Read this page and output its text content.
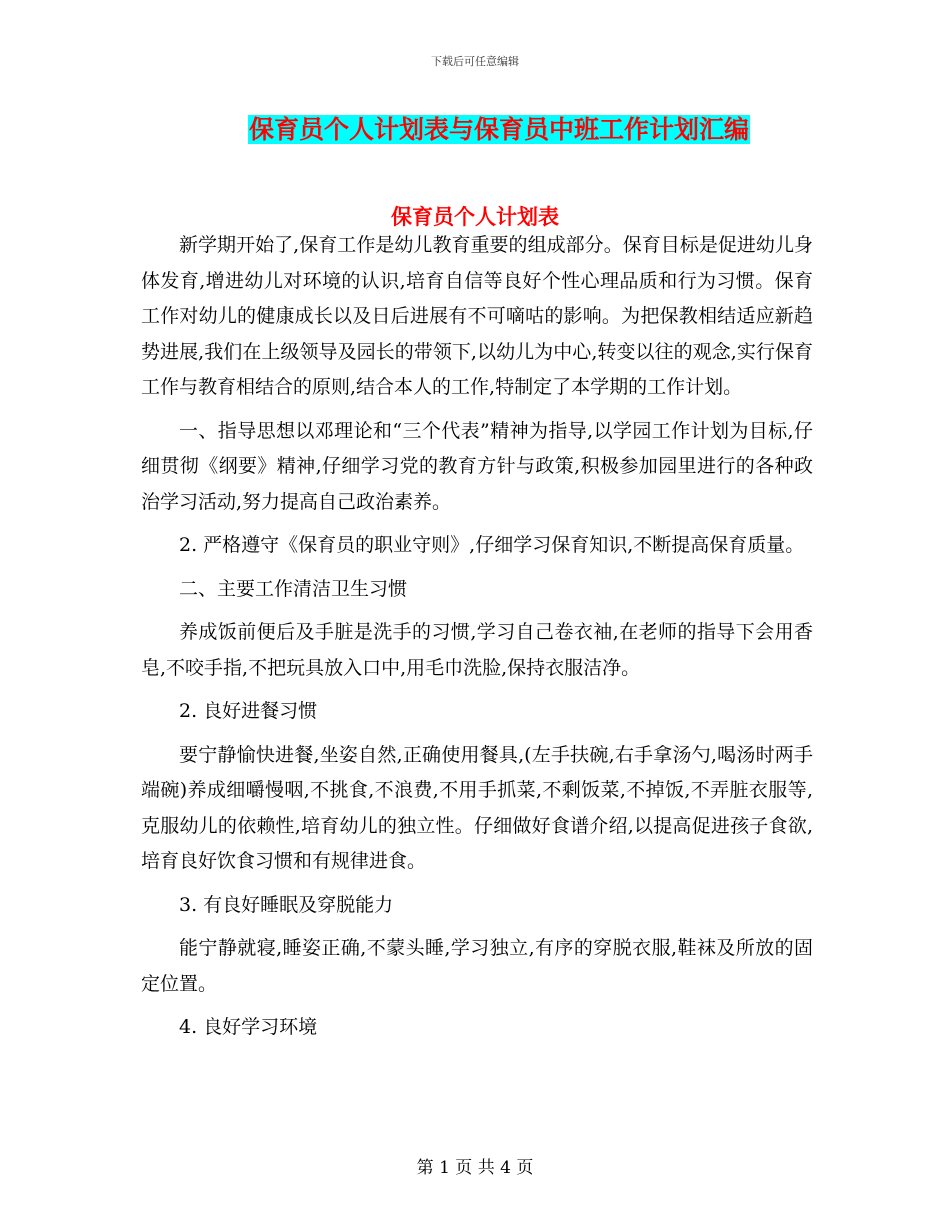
下载后可任意编辑
保育员个人计划表与保育员中班工作计划汇编
保育员个人计划表

新学期开始了,保育工作是幼儿教育重要的组成部分。保育目标是促进幼儿身体发育,增进幼儿对环境的认识,培育自信等良好个性心理品质和行为习惯。保育工作对幼儿的健康成长以及日后进展有不可嘀咕的影响。为把保教相结适应新趋势进展,我们在上级领导及园长的带领下,以幼儿为中心,转变以往的观念,实行保育工作与教育相结合的原则,结合本人的工作,特制定了本学期的工作计划。

一、指导思想以邓理论和“三个代表”精神为指导,以学园工作计划为目标,仔细贯彻《纲要》精神,仔细学习党的教育方针与政策,积极参加园里进行的各种政治学习活动,努力提高自己政治素养。

2. 严格遵守《保育员的职业守则》,仔细学习保育知识,不断提高保育质量。

二、主要工作清洁卫生习惯

养成饭前便后及手脏是洗手的习惯,学习自己卷衣袖,在老师的指导下会用香皂,不咬手指,不把玩具放入口中,用毛巾洗脸,保持衣服洁净。

2. 良好进餐习惯

要宁静愉快进餐,坐姿自然,正确使用餐具,(左手扶碗,右手拿汤勺,喝汤时两手端碗)养成细嚼慢咽,不挑食,不浪费,不用手抓菜,不剩饭菜,不掉饭,不弄脏衣服等,克服幼儿的依赖性,培育幼儿的独立性。仔细做好食谱介绍,以提高促进孩子食欲,培育良好饮食习惯和有规律进食。

3. 有良好睡眠及穿脱能力

能宁静就寝,睡姿正确,不蒙头睡,学习独立,有序的穿脱衣服,鞋袜及所放的固定位置。

4. 良好学习环境

第 1 页 共 4 页
